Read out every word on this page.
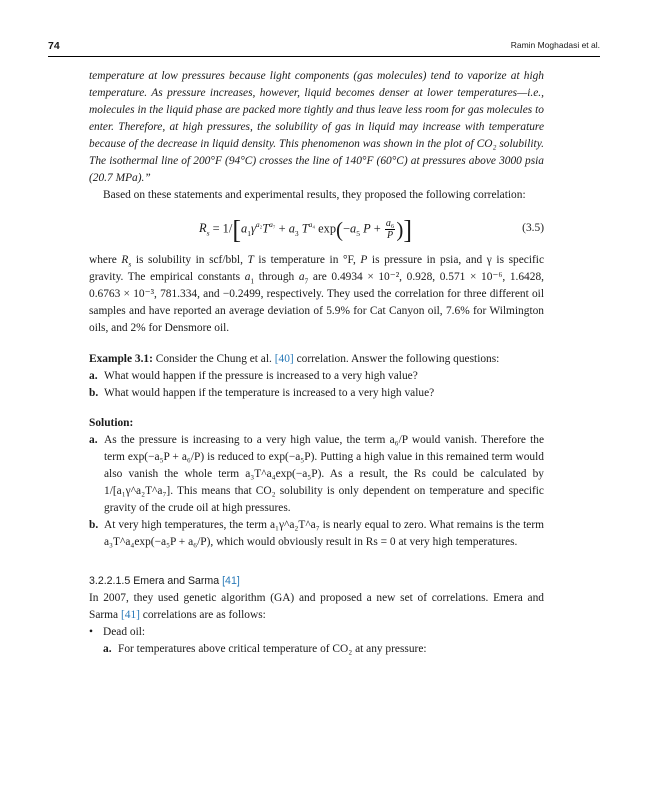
74	Ramin Moghadasi et al.

temperature at low pressures because light components (gas molecules) tend to vaporize at high temperature. As pressure increases, however, liquid becomes denser at lower temperatures—i.e., molecules in the liquid phase are packed more tightly and thus leave less room for gas molecules to enter. Therefore, at high pressures, the solubility of gas in liquid may increase with temperature because of the decrease in liquid density. This phenomenon was shown in the plot of CO₂ solubility. The isothermal line of 200°F (94°C) crosses the line of 140°F (60°C) at pressures above 3000 psia (20.7 MPa).”

Based on these statements and experimental results, they proposed the following correlation:

$R_s = 1/[a_1\gamma^{a_2}T^{a_7} + a_3$ $T^{a_4}$ $\exp(-a_5$ $P + \frac{\text{a₆}}{P}$ )]	(3.5)

where $R_s$ is solubility in scf/bbl, T is temperature in °F, P is pressure in psia, and γ is specific gravity. The empirical constants $a_1$ through $a_7$ are 0.4934 × 10⁻², 0.928, 0.571 × 10⁻⁶, 1.6428, 0.6763 × 10⁻³, 781.334, and −0.2499, respectively. They used the correlation for three different oil samples and have reported an average deviation of 5.9% for Cat Canyon oil, 7.6% for Wilmington oils, and 2% for Densmore oil.

Example 3.1: Consider the Chung et al. [40] correlation. Answer the following questions:

a. What would happen if the pressure is increased to a very high value?
b. What would happen if the temperature is increased to a very high value?

Solution:

a. As the pressure is increasing to a very high value, the term a₆/P would vanish. Therefore the term exp(−a₅P + a₆/P) is reduced to exp(−a₅P). Putting a high value in this remained term would also vanish the whole term a₃T^a₄exp(−a₅P). As a result, the Rs could be calculated by 1/[a₁γ^a₂T^a₇]. This means that CO₂ solubility is only dependent on temperature and specific gravity of the crude oil at high pressures.
b. At very high temperatures, the term a₁γ^a₂T^a₇ is nearly equal to zero. What remains is the term a₃T^a₄exp(−a₅P + a₆/P), which would obviously result in Rs = 0 at very high temperatures.

3.2.2.1.5 Emera and Sarma [41]

In 2007, they used genetic algorithm (GA) and proposed a new set of correlations. Emera and Sarma [41] correlations are as follows:

• Dead oil:
a. For temperatures above critical temperature of CO₂ at any pressure:
